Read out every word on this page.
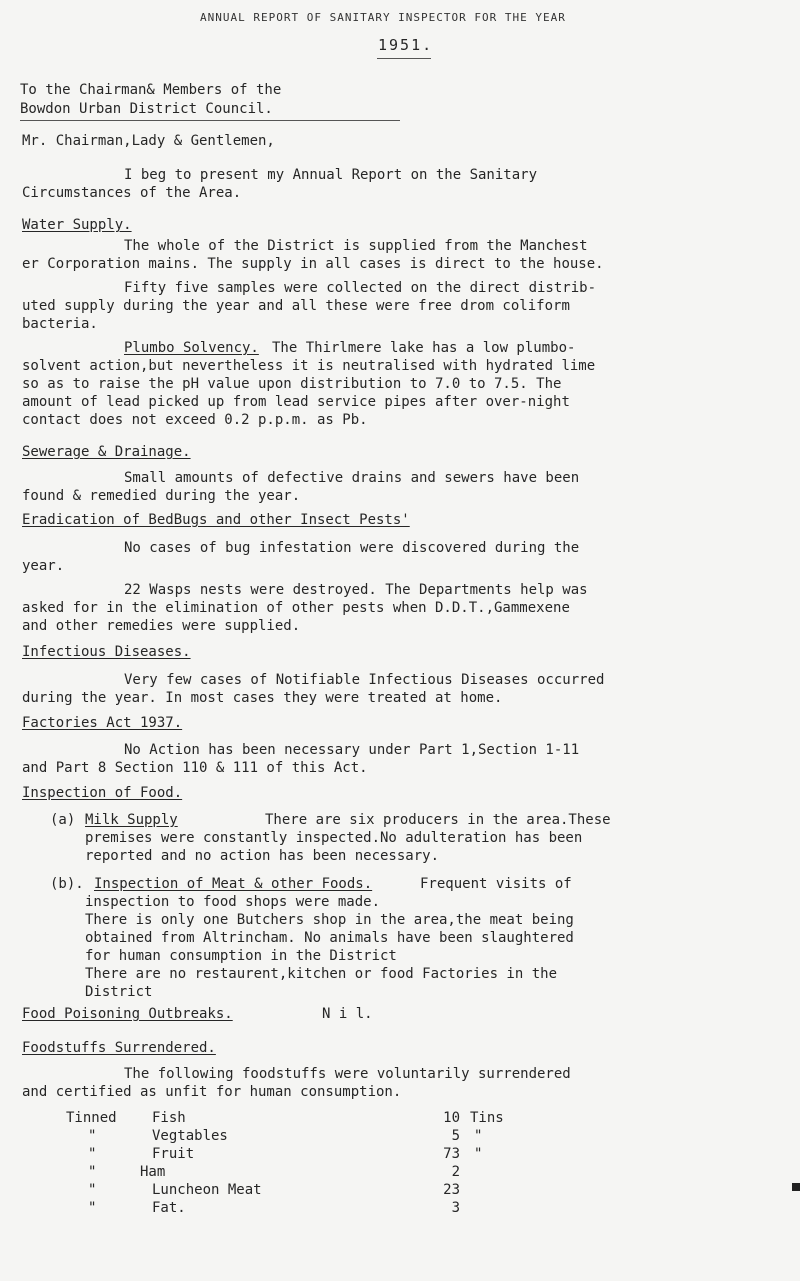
ANNUAL REPORT OF SANITARY INSPECTOR FOR THE YEAR
1951.
To the Chairman& Members of the
Bowdon Urban District Council.
Mr. Chairman,Lady & Gentlemen,
I beg to present my Annual Report on the Sanitary
Circumstances of the Area.
Water Supply.
The whole of the District is supplied from the Manchest
er Corporation mains. The supply in all cases is direct to the house.
Fifty five samples were collected on the direct distrib-
uted supply during the year and all these were free drom coliform
bacteria.
Plumbo Solvency. The Thirlmere lake has a low plumbo-
solvent action,but nevertheless it is neutralised with hydrated lime
so as to raise the pH value upon distribution to 7.0 to 7.5. The
amount of lead picked up from lead service pipes after over-night
contact does not exceed 0.2 p.p.m. as Pb.
Sewerage & Drainage.
Small amounts of defective drains and sewers have been
found & remedied during the year.
Eradication of BedBugs and other Insect Pests'
No cases of bug infestation were discovered during the
year.
22 Wasps nests were destroyed. The Departments help was
asked for in the elimination of other pests when D.D.T.,Gammexene
and other remedies were supplied.
Infectious Diseases.
Very few cases of Notifiable Infectious Diseases occurred
during the year. In most cases they were treated at home.
Factories Act 1937.
No Action has been necessary under Part 1,Section 1-11
and Part 8 Section 110 & 111 of this Act.
Inspection of Food.
(a) Milk Supply	There are six producers in the area.These
premises were constantly inspected.No adulteration has been
reported and no action has been necessary.
(b). Inspection of Meat & other Foods.	Frequent visits of
inspection to food shops were made.
There is only one Butchers shop in the area,the meat being
obtained from Altrincham. No animals have been slaughtered
for human consumption in the District
There are no restaurent,kitchen or food Factories in the
District
Food Poisoning Outbreaks.	N i l.
Foodstuffs Surrendered.
The following foodstuffs were voluntarily surrendered
and certified as unfit for human consumption.
Tinned	Fish	10 Tins
"	Vegtables	5 "
"	Fruit	73 "
"	Ham	2
"	Luncheon Meat	23
"	Fat.	3
